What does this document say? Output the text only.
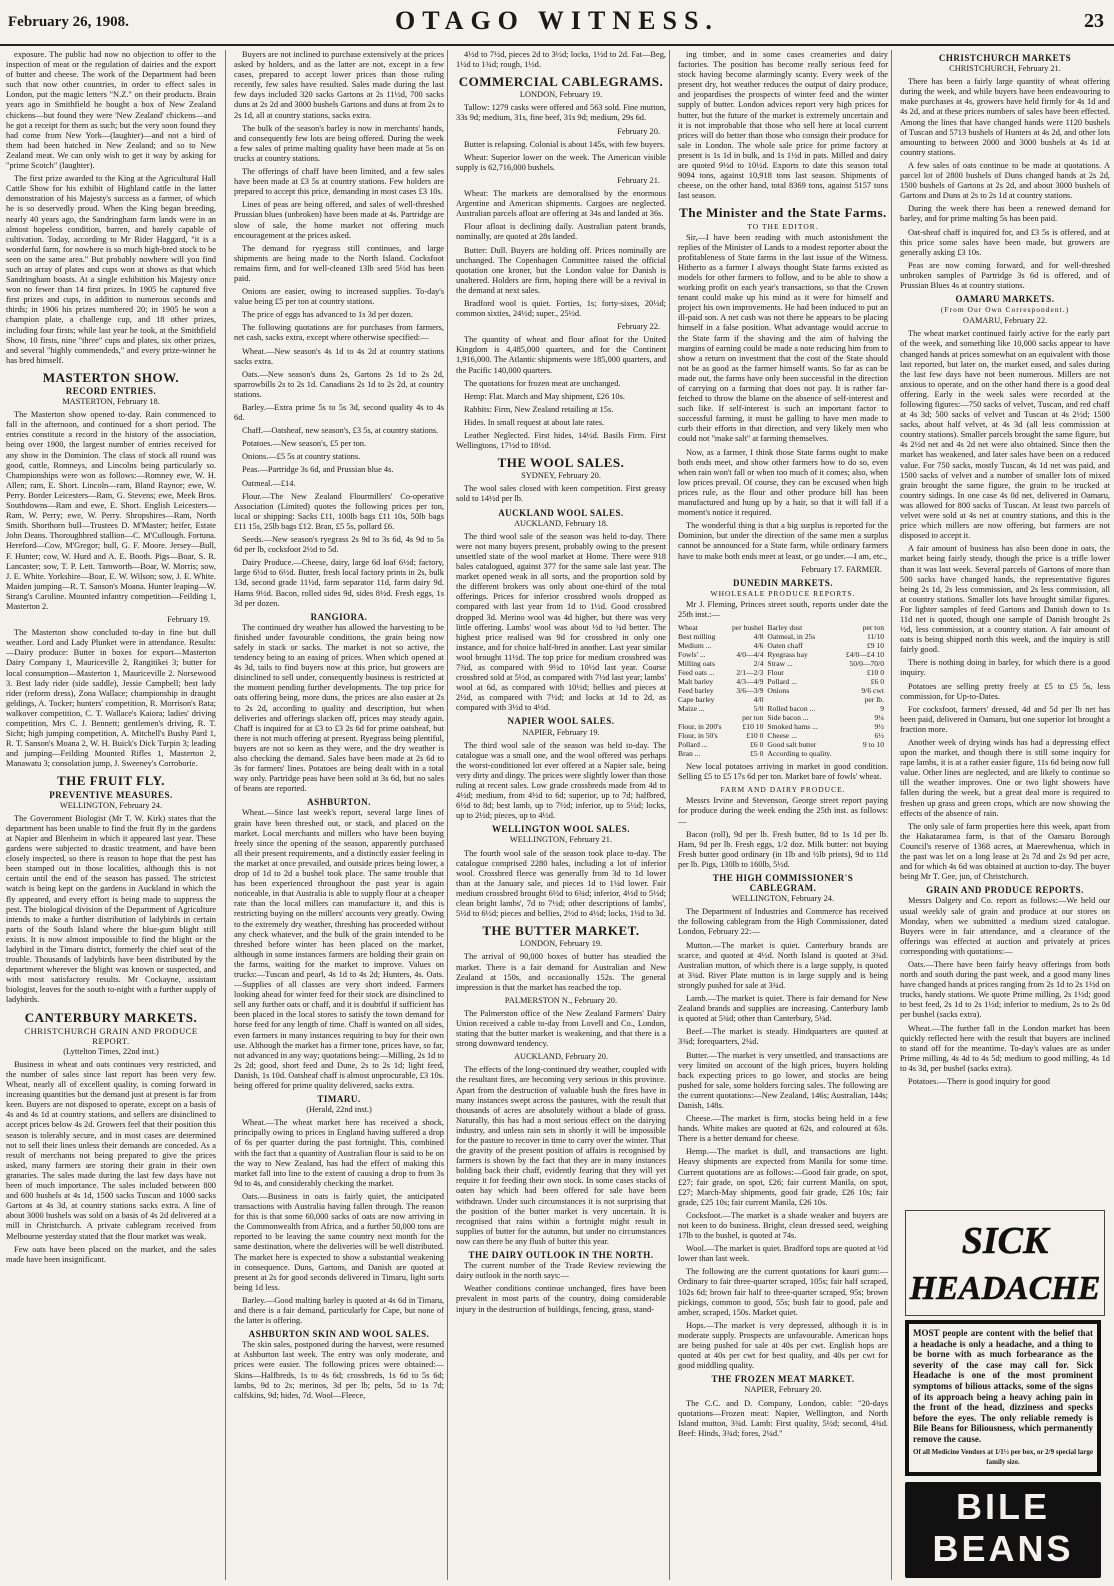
February 26, 1908.	OTAGO WITNESS.	23

exposure. The public had now no objection to offer to the inspection of meat or the regulation of dairies and the export of butter and cheese. The work of the Department had been such that now other countries, in order to effect sales in London, put the magic letters "N.Z." on their products. Brain years ago in Smithfield he bought a box of New Zealand chickens—but found they were 'New Zealand' chickens—and he got a receipt for them as such; but the very soon found they had come from New York—(laughter)—and not a bird of them had been hatched in New Zealand; and so to New Zealand meat. We can only wish to get it way by asking for "prime Scotch" (laughter).

The first prize awarded to the King at the Agricultural Hall Cattle Show for his exhibit of Highland cattle in the latter demonstration of his Majesty's success as a farmer, of which he is so deservedly proud. When the King began breeding, nearly 40 years ago, the Sandringham farm lands were in an almost hopeless condition, barren, and barely capable of cultivation. Today, according to Mr Rider Haggard, "it is a wonderful farm, for nowhere is so much high-bred stock to be seen on the same area." But probably nowhere will you find such an array of plates and cups won at shows as that which Sandringham boasts. At a single exhibition his Majesty once won no fewer than 14 first prizes. In 1905 he captured five first prizes and cups, in addition to numerous seconds and thirds; in 1906 his prizes numbered 20; in 1905 he won a champion plate, a challenge cup, and 18 other prizes, including four firsts; while last year he took, at the Smithfield Show, 10 firsts, nine "three" cups and plates, six other prizes, and several "highly commendeds," and every prize-winner he has bred himself.

MASTERTON SHOW.
RECORD ENTRIES.
MASTERTON, February 18.

The Masterton show opened to-day. Rain commenced to fall in the afternoon, and continued for a short period. The entries constitute a record in the history of the association, being over 1900, the largest number of entries received for any show in the Dominion. The class of stock all round was good, cattle, Romneys, and Lincolns being particularly so. Championships were won as follows:—Romney ewe, W. H. Allen; ram, E. Short. Lincoln—ram, Bland Raynor; ewe, W. Perry. Border Leicesters—Ram, G. Stevens; ewe, Meek Bros. Southdowns—Ram and ewe, E. Short. English Leicesters—Ram, W. Perry; ewe, W. Perry. Shropshires—Ram, North Smith. Shorthorn bull—Trustees D. M'Master; heifer, Estate John Deans. Thoroughbred stallion—C. M'Cullough. Fortuna. Hereford—Cow, M'Gregor; bull, G. F. Moore. Jersey—Bull, F. Hunter; cow, W. Hurd and A. E. Booth. Pigs—Boar, S. R. Lancaster; sow, T. P. Lett. Tamworth—Boar, W. Morris; sow, J. E. White. Yorkshire—Boar, E. W. Wilson; sow, J. E. White. Maiden jumping—R. T. Sanson's Moana. Hunter leaping—W. Strang's Caroline. Mounted infantry competition—Feilding 1, Masterton 2.

February 19.

The Masterton show concluded to-day in fine but dull weather. Lord and Lady Plunket were in attendance. Results:—Dairy produce: Butter in boxes for export—Masterton Dairy Company 1, Mauriceville 2, Rangitikei 3; butter for local consumption—Masterton 1, Mauriceville 2. Norsewood 3. Best lady rider (side saddle), Jessie Campbell; best lady rider (reform dress), Zona Wallace; championship in draught geldings, A. Tocker; hunters' competition, R. Morrison's Rata; walkover competition, C. T. Wallace's Kaiora; ladies' driving competition, Mrs C. J. Bennett; gentlemen's driving, R. T. Sicht; high jumping competition, A. Mitchell's Bushy Pard 1, R. T. Sanson's Moana 2, W. H. Buick's Dick Turpin 3; leading and jumping—Feilding Mounted Rifles 1, Masterton 2, Manawatu 3; consolation jump, J. Sweeney's Corroborie.

THE FRUIT FLY.
PREVENTIVE MEASURES.
WELLINGTON, February 24.

The Government Biologist (Mr T. W. Kirk) states that the department has been unable to find the fruit fly in the gardens at Napier and Blenheim in which it appeared last year. These gardens were subjected to drastic treatment, and have been closely inspected, so there is reason to hope that the pest has been stamped out in those localities, although this is not certain until the end of the season has passed. The strictest watch is being kept on the gardens in Auckland in which the fly appeared, and every effort is being made to suppress the pest. The biological division of the Department of Agriculture intends to make a further distribution of ladybirds in certain parts of the South Island where the blue-gum blight still exists. It is now almost impossible to find the blight or the ladybird in the Timaru district, formerly the chief seat of the trouble. Thousands of ladybirds have been distributed by the department wherever the blight was known or suspected, and with most satisfactory results. Mr Cockayne, assistant biologist, leaves for the south to-night with a further supply of ladybirds.

CANTERBURY MARKETS.
CHRISTCHURCH GRAIN AND PRODUCE REPORT.
(Lyttelton Times, 22nd inst.)

Business in wheat and oats continues very restricted, and the number of sales since last report has been very few. Wheat, nearly all of excellent quality, is coming forward in increasing quantities but the demand just at present is far from keen. Buyers are not disposed to operate, except on a basis of 4s and 4s 1d at country stations, and sellers are disinclined to accept prices below 4s 2d. Growers feel that their position this season is tolerably secure, and in most cases are determined not to sell their lines unless their demands are conceded. As a result of merchants not being prepared to give the prices asked, many farmers are storing their grain in their own granaries. The sales made during the last few days have not been of much importance. The sales included between 800 and 600 bushels at 4s 1d, 1500 sacks Tuscan and 1000 sacks Gartons at 4s 3d, at country stations sacks extra. A line of about 3000 bushels was sold on a basis of 4s 2d delivered at a mill in Christchurch. A private cablegram received from Melbourne yesterday stated that the flour market was weak.

Few oats have been placed on the market, and the sales made have been insignificant.

Buyers are not inclined to purchase extensively at the prices asked by holders, and as the latter are not, except in a few cases, prepared to accept lower prices than those ruling recently, few sales have resulted. Sales made during the last few days included 320 sacks Gartons at 2s 11½d, 700 sacks duns at 2s 2d and 3000 bushels Gartons and duns at from 2s to 2s 1d, all at country stations, sacks extra.

The bulk of the season's barley is now in merchants' hands, and consequently few lots are being offered. During the week a few sales of prime malting quality have been made at 5s on trucks at country stations.

The offerings of chaff have been limited, and a few sales have been made at £3 5s at country stations. Few holders are prepared to accept this price, demanding in most cases £3 10s.

Lines of peas are being offered, and sales of well-threshed Prussian blues (unbroken) have been made at 4s. Partridge are slow of sale, the home market not offering much encouragement at the prices asked.

The demand for ryegrass still continues, and large shipments are being made to the North Island. Cocksfoot remains firm, and for well-cleaned 13lb seed 5½d has been paid.

Onions are easier, owing to increased supplies. To-day's value being £5 per ton at country stations.

The price of eggs has advanced to 1s 3d per dozen.

The following quotations are for purchases from farmers, net cash, sacks extra, except where otherwise specified:—

Wheat.—New season's 4s 1d to 4s 2d at country stations sacks extra.

Oats.—New season's duns 2s, Gartons 2s 1d to 2s 2d, sparrowbills 2s to 2s 1d. Canadians 2s 1d to 2s 2d, at country stations.

Barley.—Extra prime 5s to 5s 3d, second quality 4s to 4s 6d.

Chaff.—Oatsheaf, new season's, £3 5s, at country stations.

Potatoes.—New season's, £5 per ton.

Onions.—£5 5s at country stations.

Peas.—Partridge 3s 6d, and Prussian blue 4s.

Oatmeal.—£14.

Flour.—The New Zealand Flourmillers' Co-operative Association (Limited) quotes the following prices per ton, local or shipping: Sacks £11, 100lb bags £11 10s, 50lb bags £11 15s, 25lb bags £12. Bran, £5 5s, pollard £6.

Seeds.—New season's ryegrass 2s 9d to 3s 6d, 4s 9d to 5s 6d per lb, cocksfoot 2½d to 5d.

Dairy Produce.—Cheese, dairy, large 6d loaf 6½d; factory, large 6½d to 6½d. Butter, fresh local factory prints in 2s, bulk 13d, second grade 11½d, farm separator 11d, farm dairy 9d. Hams 9½d. Bacon, rolled sides 9d, sides 8½d. Fresh eggs, 1s 3d per dozen.

RANGIORA.

The continued dry weather has allowed the harvesting to be finished under favourable conditions, the grain being now safely in stack or sacks. The market is not so active, the tendency being to an easing of prices. When which opened at 4s 3d, tails to find buyers now at this price, but growers are disinclined to sell under, consequently business is restricted at the moment pending further developments. The top price for oats offering being, more duns, the prices are also easier at 2s to 2s 2d, according to quality and description, but when deliveries and offerings slacken off, prices may steady again. Chaff is inquired for at £3 to £3 2s 6d for prime oatsheaf, but there is not much offering at present. Ryegrass being plentiful, buyers are not so keen as they were, and the dry weather is also checking the demand. Sales have been made at 2s 6d to 3s for farmers' lines. Potatoes are being dealt with in a total way only. Partridge peas have been sold at 3s 6d, but no sales of beans are reported.

ASHBURTON.

Wheat.—Since last week's report, several large lines of grain have been threshed out, or stack, and placed on the market. Local merchants and millers who have been buying freely since the opening of the season, apparently purchased all their present requirements, and a distinctly easier feeling in the market at once prevailed, and outside prices being lower, a drop of 1d to 2d a bushel took place. The same trouble that has been experienced throughout the past year is again noticeable, in that Australia is able to supply flour at a cheaper rate than the local millers can manufacture it, and this is restricting buying on the millers' accounts very greatly. Owing to the extremely dry weather, threshing has proceeded without any check whatever, and the bulk of the grain intended to be threshed before winter has been placed on the market, although in some instances farmers are holding their grain on the farms, waiting for the market to improve. Values on trucks:—Tuscan and pearl, 4s 1d to 4s 2d; Hunters, 4s. Oats.—Supplies of all classes are very short indeed. Farmers looking ahead for winter feed for their stock are disinclined to sell any further oats or chaff, and it is doubtful if sufficient has been placed in the local stores to satisfy the town demand for horse feed for any length of time. Chaff is wanted on all sides, even farmers in many instances requiring to buy for their own use. Although the market has a firmer tone, prices have, so far, not advanced in any way; quotations being:—Milling, 2s 1d to 2s 2d; good, short feed and Dune, 2s to 2s 1d; light feed, Danish, 1s 10d. Oatsheaf chaff is almost unprocurable, £3 10s. being offered for prime quality delivered, sacks extra.

TIMARU.
(Herald, 22nd inst.)

Wheat.—The wheat market here has received a shock, principally owing to prices in England having suffered a drop of 6s per quarter during the past fortnight. This, combined with the fact that a quantity of Australian flour is said to be on the way to New Zealand, has had the effect of making this market fall into line to the extent of causing a drop to from 3s 9d to 4s, and considerably checking the market.

Oats.—Business in oats is fairly quiet, the anticipated transactions with Australia having fallen through. The reason for this is that some 60,000 sacks of oats are now arriving in the Commonwealth from Africa, and a further 50,000 tons are reported to be leaving the same country next month for the same destination, where the deliveries will be well distributed. The market here is expected to show a substantial weakening in consequence. Duns, Gartons, and Danish are quoted at present at 2s for good seconds delivered in Timaru, light sorts being 1d less.

Barley.—Good malting barley is quoted at 4s 6d in Timaru, and there is a fair demand, particularly for Cape, but none of the latter is offering.

ASHBURTON SKIN AND WOOL SALES.

The skin sales, postponed during the harvest, were resumed at Ashburton last week. The entry was only moderate, and prices were easier. The following prices were obtained:—Skins—Halfbreds, 1s to 4s 6d; crossbreds, 1s 6d to 5s 6d; lambs, 9d to 2s; merinos, 3d per lb; pelts, 5d to 1s 7d; calfskins, 9d; hides, 7d. Wool—Fleece,

4½d to 7½d, pieces 2d to 3½d; locks, 1½d to 2d. Fat—Beg, 1½d to 1¾d; rough, 1½d.

COMMERCIAL CABLEGRAMS.
LONDON, February 19.

Tallow: 1279 casks were offered and 563 sold. Fine mutton, 33s 9d; medium, 31s, fine beef, 31s 9d; medium, 29s 6d.

February 20.

Butter is relapsing. Colonial is about 145s, with few buyers.

Wheat: Superior lower on the week. The American visible supply is 62,716,000 bushels.

February 21.

Wheat: The markets are demoralised by the enormous Argentine and American shipments. Cargoes are neglected. Australian parcels afloat are offering at 34s and landed at 36s.

Flour afloat is declining daily. Australian patent brands, nominally, are quoted at 28s landed.

Butter: Dull. Buyers are holding off. Prices nominally are unchanged. The Copenhagen Committee raised the official quotation one kroner, but the London value for Danish is unaltered. Holders are firm, hoping there will be a revival in the demand at next sales.

Bradford wool is quiet. Forties, 1s; forty-sixes, 20½d; common sixties, 24½d; super., 25½d.

February 22.

The quantity of wheat and flour afloat for the United Kingdom is 4,485,000 quarters, and for the Continent 1,916,000. The Atlantic shipments were 185,000 quarters, and the Pacific 140,000 quarters.

The quotations for frozen meat are unchanged.

Hemp: Flat. March and May shipment, £26 10s.

Rabbits: Firm, New Zealand retailing at 15s.

Hides. In small request at about late rates.

Leather Neglected. First hides, 14½d. Basils Firm. First Wellingtons, 17½d to 18½d.

THE WOOL SALES.
SYDNEY, February 20.

The wool sales closed with keen competition. First greasy sold to 14½d per lb.

AUCKLAND WOOL SALES.
AUCKLAND, February 18.

The third wool sale of the season was held to-day. There were not many buyers present, probably owing to the present unsettled state of the wool market at Home. There were 918 bales catalogued, against 377 for the same sale last year. The market opened weak in all sorts, and the proportion sold by the different brokers was only about one-third of the total offerings. Prices for inferior crossbred wools dropped as compared with last year from 1d to 1½d. Good crossbred dropped 3d. Merino wool was 4d higher, but there was very little offering. Lambs' wool was about ½d to ¾d better. The highest price realised was 9d for crossbred in only one instance, and for choice half-bred in another. Last year similar wool brought 11½d. The top price for medium crossbred was 7¾d, as compared with 9½d to 10½d last year. Coarse crossbred sold at 5½d, as compared with 7½d last year; lambs' wool at 6d, as compared with 10½d; bellies and pieces at 2½d, as compared with 7½d; and locks at 1d to 2d, as compared with 3½d to 4½d.

NAPIER WOOL SALES.
NAPIER, February 19.

The third wool sale of the season was held to-day. The catalogue was a small one, and the wool offered was perhaps the worst-conditioned lot ever offered at a Napier sale, being very dirty and dingy. The prices were slightly lower than those ruling at recent sales. Low grade crossbreds made from 4d to 4½d; medium, from 4½d to 6d; superior, up to 7d; halfbred, 6½d to 8d; best lamb, up to 7½d; inferior, up to 5½d; locks, up to 2½d; pieces, up to 4½d.

WELLINGTON WOOL SALES.
WELLINGTON, February 21.

The fourth wool sale of the season took place to-day. The catalogue comprised 2280 bales, including a lot of inferior wool. Crossbred fleece was generally from 3d to 1d lower than at the January sale, and pieces 1d to 1¼d lower. Fair medium crossbred brought 6½d to 6¾d; inferior, 4½d to 5½d; clean bright lambs', 7d to 7½d; other descriptions of lambs', 5½d to 6½d; pieces and bellies, 2½d to 4½d; locks, 1½d to 3d.

THE BUTTER MARKET.
LONDON, February 19.

The arrival of 90,000 boxes of butter has steadied the market. There is a fair demand for Australian and New Zealand at 150s, and occasionally 152s. The general impression is that the market has reached the top.

PALMERSTON N., February 20.

The Palmerston office of the New Zealand Farmers' Dairy Union received a cable to-day from Lovell and Co., London, stating that the butter market is weakening, and that there is a strong downward tendency.

AUCKLAND, February 20.

The effects of the long-continued dry weather, coupled with the resultant fires, are becoming very serious in this province. Apart from the destruction of valuable bush the fires have in many instances swept across the pastures, with the result that thousands of acres are absolutely without a blade of grass. Naturally, this has had a most serious effect on the dairying industry, and unless rain sets in shortly it will be impossible for the pasture to recover in time to carry over the winter. That the gravity of the present position of affairs is recognised by farmers is shown by the fact that they are in many instances holding back their chaff, evidently fearing that they will yet require it for feeding their own stock. In some cases stacks of oaten hay which had been offered for sale have been withdrawn. Under such circumstances it is not surprising that the position of the butter market is very uncertain. It is recognised that rains within a fortnight might result in supplies of butter for the autumn, but under no circumstances now can there be any flush of butter this year.

THE DAIRY OUTLOOK IN THE NORTH.

The current number of the Trade Review reviewing the dairy outlook in the north says:—

Weather conditions continue unchanged, fires have been prevalent in most parts of the country, doing considerable injury in the destruction of buildings, fencing, grass, stand-

ing timber, and in some cases creameries and dairy factories. The position has become really serious feed for stock having become alarmingly scanty. Every week of the present dry, hot weather reduces the output of dairy produce, and jeopardises the prospects of winter feed and the winter supply of butter. London advices report very high prices for butter, but the future of the market is extremely uncertain and it is not improbable that those who sell here at local current prices will do better than those who consign their produce for sale in London. The whole sale price for prime factory at present is 1s 1d in bulk, and 1s 1½d in pats. Milled and dairy are quoted 9½d to 10½d. Exports to date this season total 9094 tons, against 10,918 tons last season. Shipments of cheese, on the other hand, total 8369 tons, against 5157 tons last season.

The Minister and the State Farms.
TO THE EDITOR.

Sir,—I have been reading with much astonishment the replies of the Minister of Lands to a modest reporter about the profitableness of State farms in the last issue of the Witness. Hitherto as a farmer I always thought State farms existed as models for other farmers to follow, and to be able to show a working profit on each year's transactions, so that the Crown tenant could make up his mind as it were for himself and project his own improvements. He had been induced to put an ill-paid son. A net cash was not there he appears to be placing himself in a false position. What advantage would accrue to the State farm if the shaving and the aim of halving the margins of earning could be made a note reducing him from to show a return on investment that the cost of the State should not be as good as the farmer himself wants. So far as can be made out, the farms have only been successful in the direction of carrying on a farming that does not pay. It is rather far-fetched to throw the blame on the absence of self-interest and such like. If self-interest is such an important factor to successful farming, it must be galling to have men made to curb their efforts in that direction, and very likely men who could not "make salt" at farming themselves.

Now, as a farmer, I think those State farms ought to make both ends meet, and show other farmers how to do so, even when rain won't fall or when too much of it comes; also, when low prices prevail. Of course, they can be excused when high prices rule, as the flour and other produce bill has been manufactured and hung up by a hair, so that it will fall if a moment's notice it required.

The wonderful thing is that a big surplus is reported for the Dominion, but under the direction of the same men a surplus cannot be announced for a State farm, while ordinary farmers have to make both ends meet at least, or go under.—I am, etc.,

February 17. FARMER.
DUNEDIN MARKETS.
WHOLESALE PRODUCE REPORTS.

Mr J. Fleming, Princes street south, reports under date the 25th inst.:—

Wheat	per bushel	Barley dust	per ton
Best milling	4/8	Oatmeal, in 25s	11/10
Medium ...	4/6	Oaten chaff	£9 10
Fowls' ...	4/0—4/4	Ryegrass hay	£4/0—£4 10
Milling oats	2/4	Straw ...	50/0—70/0
Feed oats ...	2/1—2/3	Flour	£10 0
Malt barley	4/3—4/9	Pollard ...	£6 0
Feed barley	3/6—3/9	Onions	9/6 cwt
Cape barley	4/0		per lb.
Maize ...	5/0	Rolled bacon ...	9
	per ton	Side bacon ...	9¼
Flour, in 200's	£10 10	Smoked hams ...	9½
Flour, in 50's	£10 0	Cheese ...	6½
Pollard ...	£6 0	Good salt butter	9 to 10
Bran ...	£5 0	According to quality.	

New local potatoes arriving in market in good condition. Selling £5 to £5 17s 6d per ton. Market bare of fowls' wheat.

FARM AND DAIRY PRODUCE.

Messrs Irvine and Stevenson, George street report paying for produce during the week ending the 25th inst. as follows:—

Bacon (roll), 9d per lb. Fresh butter, 8d to 1s 1d per lb. Ham, 9d per lb. Fresh eggs, 1/2 doz. Milk butter: not buying Fresh butter good ordinary (in 1lb and ½lb prints), 9d to 11d per lb. Pigs, 130lb to 160lb, 5½d.

THE HIGH COMMISSIONER'S CABLEGRAM.
WELLINGTON, February 24.

The Department of Industries and Commerce has received the following cablegram from the High Commissioner, dated London, February 22:—

Mutton.—The market is quiet. Canterbury brands are scarce, and quoted at 4½d. North Island is quoted at 3¾d. Australian mutton, of which there is a large supply, is quoted at 3¾d. River Plate mutton is in large supply and is being strongly pushed for sale at 3¾d.

Lamb.—The market is quiet. There is fair demand for New Zealand brands and supplies are increasing. Canterbury lamb is quoted at 5¾d; other than Canterbury, 5¼d.

Beef.—The market is steady. Hindquarters are quoted at 3¾d; forequarters, 2¼d.

Butter.—The market is very unsettled, and transactions are very limited on account of the high prices, buyers holding back expecting prices to go lower, and stocks are being pushed for sale, some holders forcing sales. The following are the current quotations:—New Zealand, 146s; Australian, 144s; Danish, 148s.

Cheese.—The market is firm, stocks being held in a few hands. White makes are quoted at 62s, and coloured at 63s. There is a better demand for cheese.

Hemp.—The market is dull, and transactions are light. Heavy shipments are expected from Manila for some time. Current quotations are as follows:—Good fair grade, on spot, £27; fair grade, on spot, £26; fair current Manila, on spot, £27; March-May shipments, good fair grade, £26 10s; fair grade, £25 10s; fair current Manila, £26 10s.

Cocksfoot.—The market is a shade weaker and buyers are not keen to do business. Bright, clean dressed seed, weighing 17lb to the bushel, is quoted at 74s.

Wool.—The market is quiet. Bradford tops are quoted at ½d lower than last week.

The following are the current quotations for kauri gum:—Ordinary to fair three-quarter scraped, 105s; fair half scraped, 102s 6d; brown fair half to three-quarter scraped, 95s; brown pickings, common to good, 55s; bush fair to good, pale and amber, scraped, 150s. Market quiet.

Hops.—The market is very depressed, although it is in moderate supply. Prospects are unfavourable. American hops are being pushed for sale at 40s per cwt. English hops are quoted at 40s per cwt for best quality, and 40s per cwt for good middling quality.

THE FROZEN MEAT MARKET.
NAPIER, February 20.

The C.C. and D. Company, London, cable: "20-days quotations—Frozen meat: Napier, Wellington, and North Island mutton, 3¾d. Lamb: First quality, 5½d; second, 4¾d. Beef: Hinds, 3¾d; fores, 2¼d."

CHRISTCHURCH MARKETS
CHRISTCHURCH, February 21.

There has been a fairly large quantity of wheat offering during the week, and while buyers have been endeavouring to make purchases at 4s, growers have held firmly for 4s 1d and 4s 2d, and at these prices numbers of sales have been effected. Among the lines that have changed hands were 1120 bushels of Tuscan and 5713 bushels of Hunters at 4s 2d, and other lots amounting to between 2000 and 3000 bushels at 4s 1d at country stations.

A few sales of oats continue to be made at quotations. A parcel lot of 2800 bushels of Duns changed hands at 2s 2d, 1500 bushels of Gartons at 2s 2d, and about 3000 bushels of Gartons and Duns at 2s to 2s 1d at country stations.

During the week there has been a renewed demand for barley, and for prime malting 5s has been paid.

Oat-sheaf chaff is inquired for, and £3 5s is offered, and at this price some sales have been made, but growers are generally asking £3 10s.

Peas are now coming forward, and for well-threshed unbroken samples of Partridge 3s 6d is offered, and of Prussian Blues 4s at country stations.

OAMARU MARKETS.
(From Our Own Correspondent.)
OAMARU, February 22.

The wheat market continued fairly active for the early part of the week, and something like 10,000 sacks appear to have changed hands at prices somewhat on an equivalent with those last reported, but later on, the market eased, and sales during the last few days have not been numerous. Millers are not anxious to operate, and on the other hand there is a good deal offering. Early in the week sales were recorded at the following figures:—750 sacks of velvet, Tuscan, and red chaff at 4s 3d; 500 sacks of velvet and Tuscan at 4s 2½d; 1500 sacks, about half velvet, at 4s 3d (all less commission at country stations). Smaller parcels brought the same figure, but 4s 2½d net and 4s 2d net were also obtained. Since then the market has weakened, and later sales have been on a reduced value. For 750 sacks, mostly Tuscan, 4s 1d net was paid, and 1500 sacks of velvet and a number of smaller lots of mixed grain brought the same figure, the grain to be trucked at country sidings. In one case 4s 0d net, delivered in Oamaru, was allowed for 800 sacks of Tuscan. At least two parcels of velvet were sold at 4s net at country stations, and this is the price which millers are now offering, but farmers are not disposed to accept it.

A fair amount of business has also been done in oats, the market being fairly steady, though the price is a trifle lower than it was last week. Several parcels of Gartons of more than 500 sacks have changed hands, the representative figures being 2s 1d, 2s less commission, and 2s less commission, all at country stations. Smaller lots have brought similar figures. For lighter samples of feed Gartons and Danish down to 1s 11d net is quoted, though one sample of Danish brought 2s ½d, less commission, at a country station. A fair amount of oats is being shipped north this week, and the inquiry is still fairly good.

There is nothing doing in barley, for which there is a good inquiry.

Potatoes are selling pretty freely at £5 to £5 5s, less commission, for Up-to-Dates.

For cocksfoot, farmers' dressed, 4d and 5d per lb net has been paid, delivered in Oamaru, but one superior lot brought a fraction more.

Another week of drying winds has had a depressing effect upon the market, and though there is still some inquiry for rape lambs, it is at a rather easier figure, 11s 6d being now full value. Other lines are neglected, and are likely to continue so till the weather improves. One or two light showers have fallen during the week, but a great deal more is required to freshen up grass and green crops, which are now showing the effects of the absence of rain.

The only sale of farm properties here this week, apart from the Hakataramea farm, is that of the Oamaru Borough Council's reserve of 1368 acres, at Maerewhenua, which in the past was let on a long lease at 2s 7d and 2s 9d per acre, and for which 4s 6d was obtained at auction to-day. The buyer being Mr T. Gee, jun, of Christchurch.

GRAIN AND PRODUCE REPORTS.

Messrs Dalgety and Co. report as follows:—We held our usual weekly sale of grain and produce at our stores on Monday, when we submitted a medium sized catalogue. Buyers were in fair attendance, and a clearance of the offerings was effected at auction and privately at prices corresponding with quotations:—

Oats.—There have been fairly heavy offerings from both north and south during the past week, and a good many lines have changed hands at prices ranging from 2s 1d to 2s 1½d on trucks, handy stations. We quote Prime milling, 2s 1½d; good to best feed, 2s 1d to 2s 1½d; inferior to medium, 2s to 2s 0d per bushel (sacks extra).

Wheat.—The further fall in the London market has been quickly reflected here with the result that buyers are inclined to stand off for the meantime. To-day's values are as under Prime milling, 4s 4d to 4s 5d; medium to good milling, 4s 1d to 4s 3d, per bushel (sacks extra).

Potatoes.—There is good inquiry for good

SICK
HEADACHE
MOST people are content with the belief that a headache is only a headache, and a thing to be borne with as much forbearance as the severity of the case may call for. Sick Headache is one of the most prominent symptoms of bilious attacks, some of the signs of its approach being a heavy aching pain in the front of the head, dizziness and specks before the eyes. The only reliable remedy is Bile Beans for Biliousness, which permanently remove the cause.
Of all Medicine Vendors at 1/1½ per box, or 2/9 special large family size.
BILE
BEANS
